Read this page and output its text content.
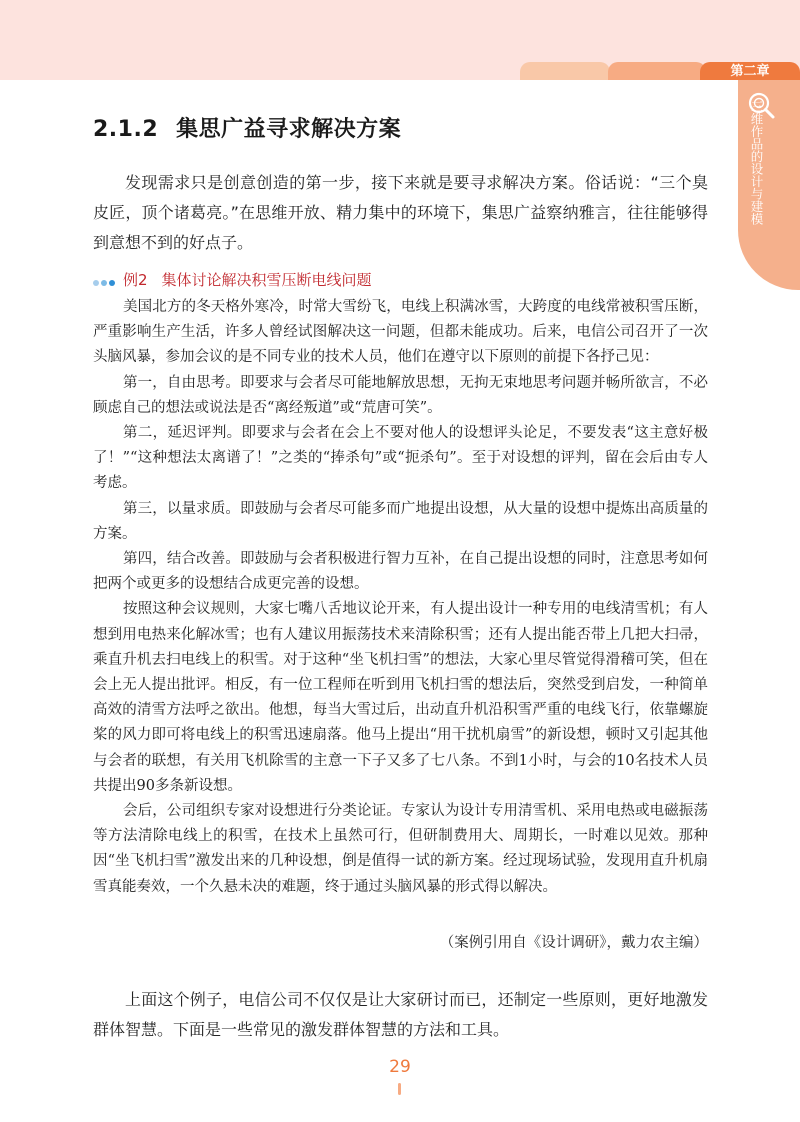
第二章
三维作品的设计与建模
2.1.2 集思广益寻求解决方案

发现需求只是创意创造的第一步，接下来就是要寻求解决方案。俗话说：“三个臭皮匠，顶个诸葛亮。”在思维开放、精力集中的环境下，集思广益察纳雅言，往往能够得到意想不到的好点子。

例2 集体讨论解决积雪压断电线问题

美国北方的冬天格外寒冷，时常大雪纷飞，电线上积满冰雪，大跨度的电线常被积雪压断，严重影响生产生活，许多人曾经试图解决这一问题，但都未能成功。后来，电信公司召开了一次头脑风暴，参加会议的是不同专业的技术人员，他们在遵守以下原则的前提下各抒己见：

第一，自由思考。即要求与会者尽可能地解放思想，无拘无束地思考问题并畅所欲言，不必顾虑自己的想法或说法是否“离经叛道”或“荒唐可笑”。

第二，延迟评判。即要求与会者在会上不要对他人的设想评头论足，不要发表“这主意好极了！”“这种想法太离谱了！”之类的“捧杀句”或“扼杀句”。至于对设想的评判，留在会后由专人考虑。

第三，以量求质。即鼓励与会者尽可能多而广地提出设想，从大量的设想中提炼出高质量的方案。

第四，结合改善。即鼓励与会者积极进行智力互补，在自己提出设想的同时，注意思考如何把两个或更多的设想结合成更完善的设想。

按照这种会议规则，大家七嘴八舌地议论开来，有人提出设计一种专用的电线清雪机；有人想到用电热来化解冰雪；也有人建议用振荡技术来清除积雪；还有人提出能否带上几把大扫帚，乘直升机去扫电线上的积雪。对于这种“坐飞机扫雪”的想法，大家心里尽管觉得滑稽可笑，但在会上无人提出批评。相反，有一位工程师在听到用飞机扫雪的想法后，突然受到启发，一种简单高效的清雪方法呼之欲出。他想，每当大雪过后，出动直升机沿积雪严重的电线飞行，依靠螺旋桨的风力即可将电线上的积雪迅速扇落。他马上提出“用干扰机扇雪”的新设想，顿时又引起其他与会者的联想，有关用飞机除雪的主意一下子又多了七八条。不到1小时，与会的10名技术人员共提出90多条新设想。

会后，公司组织专家对设想进行分类论证。专家认为设计专用清雪机、采用电热或电磁振荡等方法清除电线上的积雪，在技术上虽然可行，但研制费用大、周期长，一时难以见效。那种因“坐飞机扫雪”激发出来的几种设想，倒是值得一试的新方案。经过现场试验，发现用直升机扇雪真能奏效，一个久悬未决的难题，终于通过头脑风暴的形式得以解决。

（案例引用自《设计调研》，戴力农主编）

上面这个例子，电信公司不仅仅是让大家研讨而已，还制定一些原则，更好地激发群体智慧。下面是一些常见的激发群体智慧的方法和工具。

29
